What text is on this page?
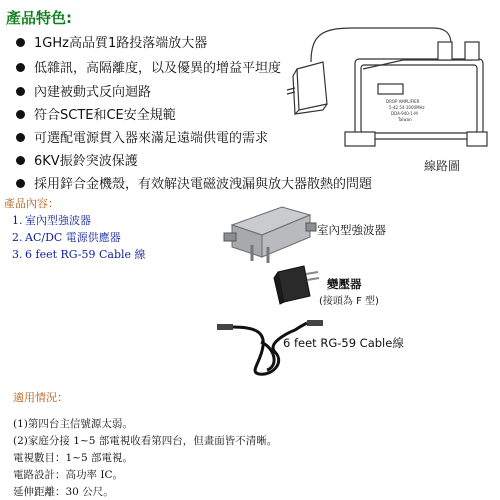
產品特色:
1GHz高品質1路投落端放大器
低雜訊，高隔離度，以及優異的增益平坦度
內建被動式反向迴路
符合SCTE和CE安全規範
可選配電源貫入器來滿足遠端供電的需求
6KV振鈴突波保護
採用鋅合金機殼，有效解決電磁波洩漏與放大器散熱的問題
DROP AMPLIFIER
5-42 54-1000MHz
DDA-940-1-M
Taiwan
線路圖
產品內容：
1. 室內型強波器
2. AC/DC 電源供應器
3. 6 feet RG-59 Cable 線
室內型強波器
變壓器
(接頭為 F 型)
6 feet RG-59 Cable線
適用情況：
(1)第四台主信號源太弱。
(2)家庭分接 1~5 部電視收看第四台，但畫面皆不清晰。
電視數目：1~5 部電視。
電路設計：高功率 IC。
延伸距離：30 公尺。
